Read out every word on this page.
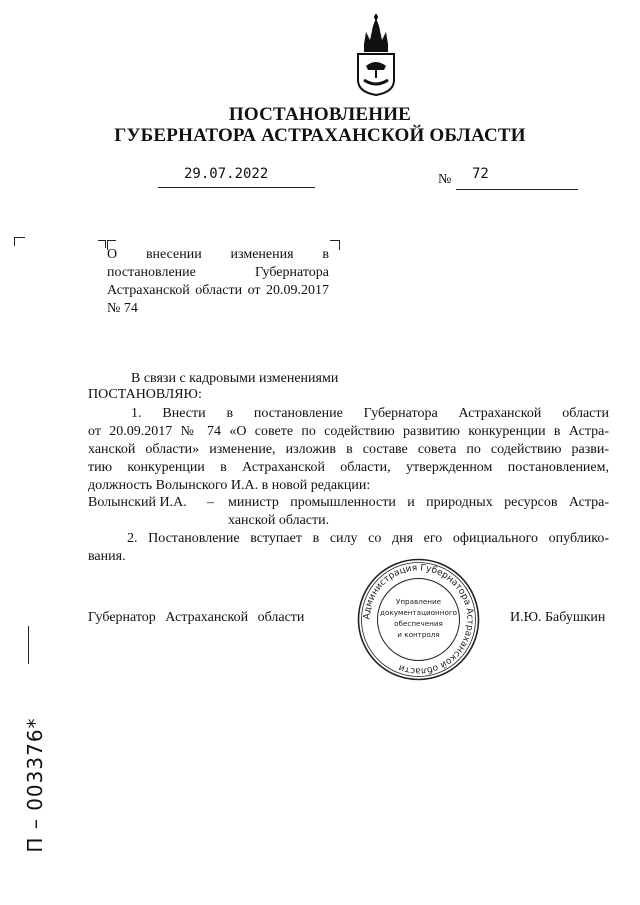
ПОСТАНОВЛЕНИЕ
ГУБЕРНАТОРА АСТРАХАНСКОЙ ОБЛАСТИ
29.07.2022	№ 72
О внесении изменения в постановление Губернатора Астраханской области от 20.09.2017 № 74
В связи с кадровыми изменениями
ПОСТАНОВЛЯЮ:
1. Внести в постановление Губернатора Астраханской области
от 20.09.2017 № 74 «О совете по содействию развитию конкуренции в Астра-
ханской области» изменение, изложив в составе совета по содействию разви-
тию конкуренции в Астраханской области, утвержденном постановлением,
должность Волынского И.А. в новой редакции:
Волынский И.А. – министр промышленности и природных ресурсов Астра-
ханской области.
2. Постановление вступает в силу со дня его официального опублико-
вания.
Губернатор Астраханской области	И.Ю. Бабушкин
Администрация Губернатора Астраханской области
Управление
документационного
обеспечения
и контроля
П – 003376*
